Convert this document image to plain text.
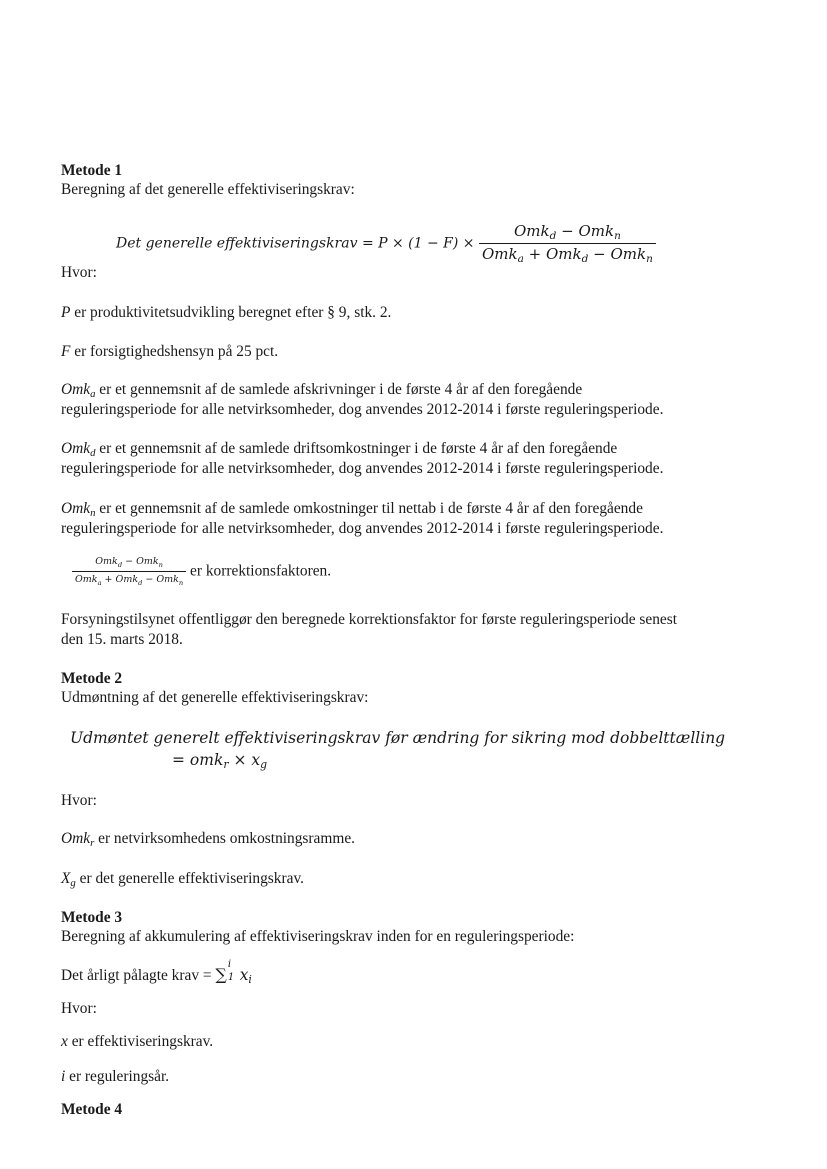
Metode 1
Beregning af det generelle effektiviseringskrav:
Det generelle effektiviseringskrav = $P \times (1 - F) \times \frac{Omk_d - Omk_n}{Omk_a + Omk_d - Omk_n}$
Hvor:
P er produktivitetsudvikling beregnet efter § 9, stk. 2.
F er forsigtighedshensyn på 25 pct.
Omk$_a$ er et gennemsnit af de samlede afskrivninger i de første 4 år af den foregående
reguleringsperiode for alle netvirksomheder, dog anvendes 2012-2014 i første reguleringsperiode.
Omk$_d$ er et gennemsnit af de samlede driftsomkostninger i de første 4 år af den foregående
reguleringsperiode for alle netvirksomheder, dog anvendes 2012-2014 i første reguleringsperiode.
Omk$_n$ er et gennemsnit af de samlede omkostninger til nettab i de første 4 år af den foregående
reguleringsperiode for alle netvirksomheder, dog anvendes 2012-2014 i første reguleringsperiode.
$\frac{Omk_d - Omk_n}{Omk_a + Omk_d - Omk_n}$ er korrektionsfaktoren.
Forsyningstilsynet offentliggør den beregnede korrektionsfaktor for første reguleringsperiode senest
den 15. marts 2018.
Metode 2
Udmøntning af det generelle effektiviseringskrav:
Udmøntet generelt effektiviseringskrav før ændring for sikring mod dobbelttælling
= $omk_r \times x_g$
Hvor:
Omk$_r$ er netvirksomhedens omkostningsramme.
$X_g$ er det generelle effektiviseringskrav.
Metode 3
Beregning af akkumulering af effektiviseringskrav inden for en reguleringsperiode:
Det årligt pålagte krav = ∑
i
1 $x_i$
Hvor:
x er effektiviseringskrav.
i er reguleringsår.
Metode 4
